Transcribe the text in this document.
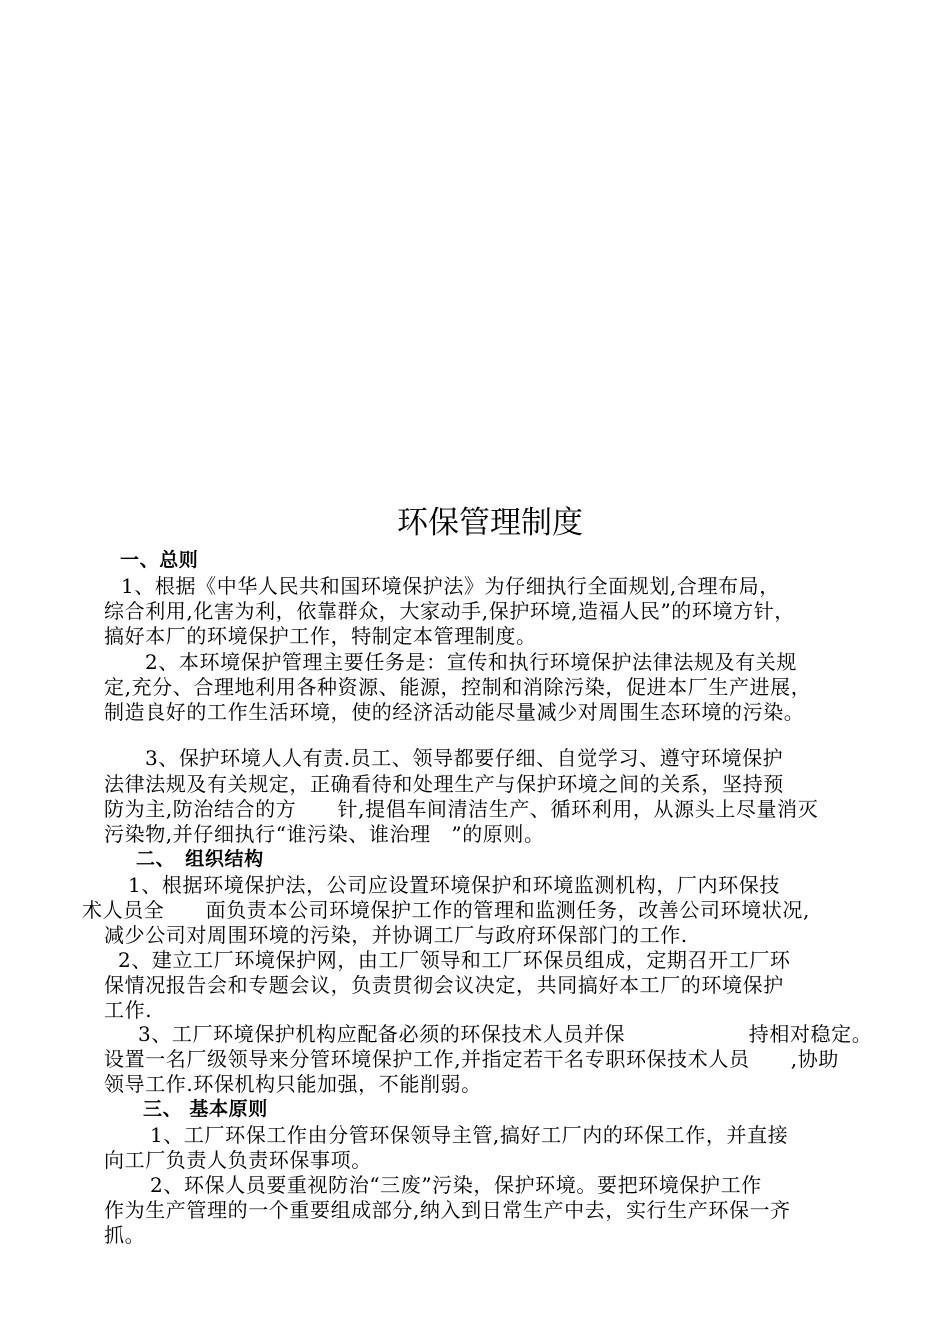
环保管理制度
一、总则
1、根据《中华人民共和国环境保护法》为仔细执行全面规划,合理布局，
综合利用,化害为利，依靠群众，大家动手,保护环境,造福人民”的环境方针，
搞好本厂的环境保护工作，特制定本管理制度。
2、本环境保护管理主要任务是：宣传和执行环境保护法律法规及有关规
定,充分、合理地利用各种资源、能源，控制和消除污染，促进本厂生产进展，
制造良好的工作生活环境，使的经济活动能尽量减少对周围生态环境的污染。
3、保护环境人人有责.员工、领导都要仔细、自觉学习、遵守环境保护
法律法规及有关规定，正确看待和处理生产与保护环境之间的关系，坚持预
防为主,防治结合的方　　针,提倡车间清洁生产、循环利用，从源头上尽量消灭
污染物,并仔细执行“谁污染、谁治理　”的原则。
二、　组织结构
1、根据环境保护法，公司应设置环境保护和环境监测机构，厂内环保技
术人员全　　面负责本公司环境保护工作的管理和监测任务，改善公司环境状况,
减少公司对周围环境的污染，并协调工厂与政府环保部门的工作.
2、建立工厂环境保护网，由工厂领导和工厂环保员组成，定期召开工厂环
保情况报告会和专题会议，负责贯彻会议决定，共同搞好本工厂的环境保护
工作.
3、工厂环境保护机构应配备必须的环保技术人员并保　　　　　　持相对稳定。
设置一名厂级领导来分管环境保护工作,并指定若干名专职环保技术人员　　,协助
领导工作.环保机构只能加强，不能削弱。
三、 基本原则
1、工厂环保工作由分管环保领导主管,搞好工厂内的环保工作，并直接
向工厂负责人负责环保事项。
2、环保人员要重视防治“三废”污染，保护环境。要把环境保护工作
作为生产管理的一个重要组成部分,纳入到日常生产中去，实行生产环保一齐
抓。
